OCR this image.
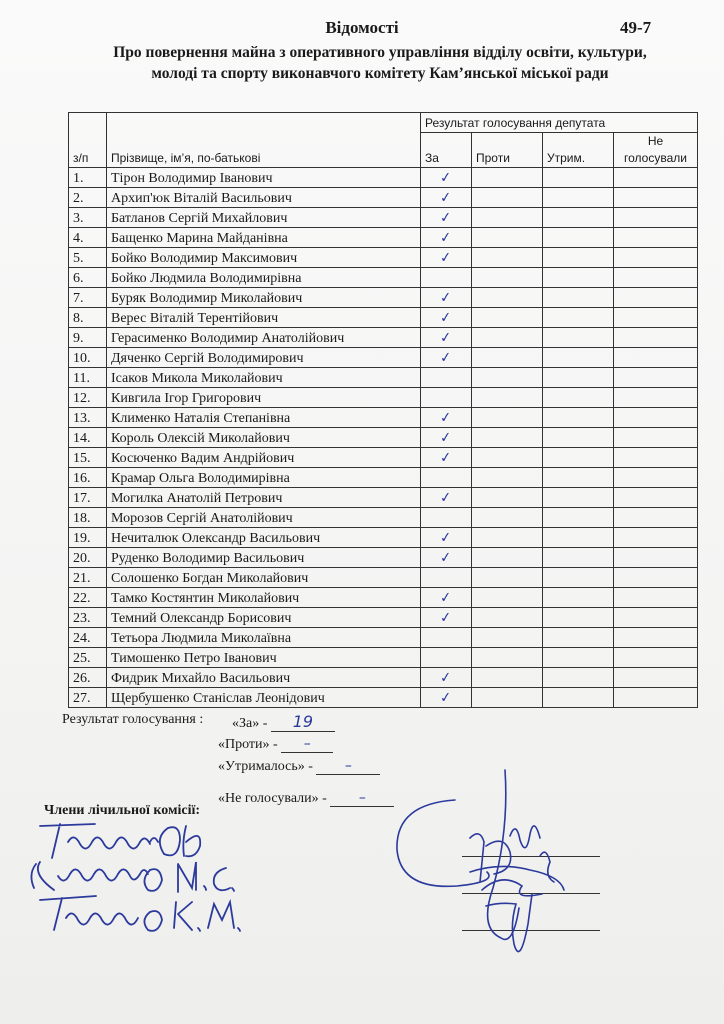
Відомості	49-7
Про повернення майна з оперативного управління відділу освіти, культури,
молоді та спорту виконавчого комітету Кам’янської міської ради
з/п	Прізвище, ім’я, по-батькові	Результат голосування депутата			
		За	Проти	Утрим.	Не
голосували

1.	Тірон Володимир Іванович	✓			
2.	Архип'юк Віталій Васильович	✓			
3.	Батланов Сергій Михайлович	✓			
4.	Бащенко Марина Майданівна	✓			
5.	Бойко Володимир Максимович	✓			
6.	Бойко Людмила Володимирівна				
7.	Буряк Володимир Миколайович	✓			
8.	Верес Віталій Терентійович	✓			
9.	Герасименко Володимир Анатолійович	✓			
10.	Дяченко Сергій Володимирович	✓			
11.	Ісаков Микола Миколайович				
12.	Кивгила Ігор Григорович				
13.	Клименко Наталія Степанівна	✓			
14.	Король Олексій Миколайович	✓			
15.	Косюченко Вадим Андрійович	✓			
16.	Крамар Ольга Володимирівна				
17.	Могилка Анатолій Петрович	✓			
18.	Морозов Сергій Анатолійович				
19.	Нечиталюк Олександр Васильович	✓			
20.	Руденко Володимир Васильович	✓			
21.	Солошенко Богдан Миколайович				
22.	Тамко Костянтин Миколайович	✓			
23.	Темний Олександр Борисович	✓			
24.	Тетьора Людмила Миколаївна				
25.	Тимошенко Петро Іванович				
26.	Фидрик Михайло Васильович	✓			
27.	Щербушенко Станіслав Леонідович	✓			
Результат голосування : «За» - 19
«Проти» - –
«Утрималось» - –
«Не голосували» - –
Члени лічильної комісії:
